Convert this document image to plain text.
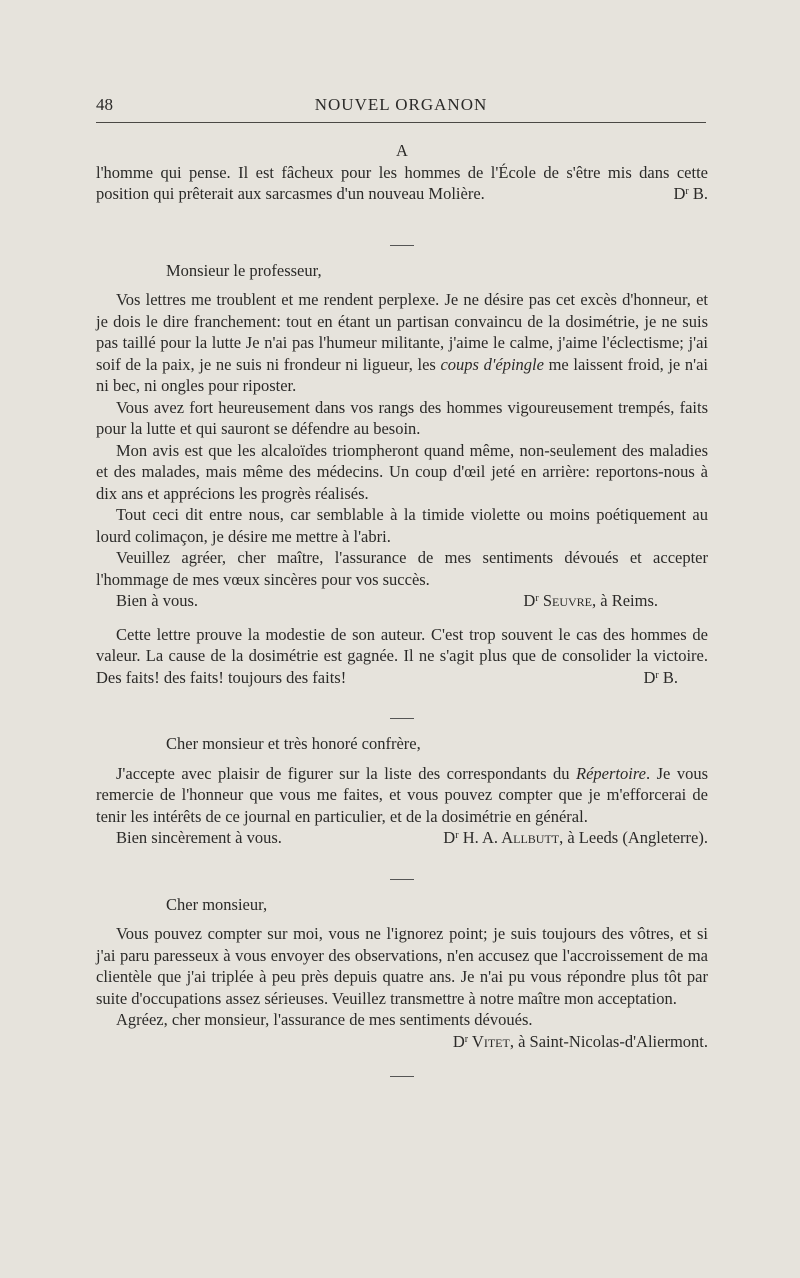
48	NOUVEL ORGANON

A

l'homme qui pense. Il est fâcheux pour les hommes de l'École de s'être mis dans cette position qui prêterait aux sarcasmes d'un nouveau Molière.	$D^r$ B.

Monsieur le professeur,

Vos lettres me troublent et me rendent perplexe. Je ne désire pas cet excès d'honneur, et je dois le dire franchement: tout en étant un partisan convaincu de la dosimétrie, je ne suis pas taillé pour la lutte Je n'ai pas l'humeur militante, j'aime le calme, j'aime l'éclectisme; j'ai soif de la paix, je ne suis ni frondeur ni ligueur, les coups d'épingle me laissent froid, je n'ai ni bec, ni ongles pour riposter.

Vous avez fort heureusement dans vos rangs des hommes vigoureusement trempés, faits pour la lutte et qui sauront se défendre au besoin.

Mon avis est que les alcaloïdes triompheront quand même, non-seulement des maladies et des malades, mais même des médecins. Un coup d'œil jeté en arrière: reportons-nous à dix ans et apprécions les progrès réalisés.

Tout ceci dit entre nous, car semblable à la timide violette ou moins poétiquement au lourd colimaçon, je désire me mettre à l'abri.

Veuillez agréer, cher maître, l'assurance de mes sentiments dévoués et accepter l'hommage de mes vœux sincères pour vos succès.

Bien à vous.	$D^r$ Seuvre, à Reims.

Cette lettre prouve la modestie de son auteur. C'est trop souvent le cas des hommes de valeur. La cause de la dosimétrie est gagnée. Il ne s'agit plus que de consolider la victoire. Des faits! des faits! toujours des faits!	$D^r$ B.

Cher monsieur et très honoré confrère,

J'accepte avec plaisir de figurer sur la liste des correspondants du Répertoire. Je vous remercie de l'honneur que vous me faites, et vous pouvez compter que je m'efforcerai de tenir les intérêts de ce journal en particulier, et de la dosimétrie en général.

Bien sincèrement à vous.	$D^r$ H. A. Allbutt, à Leeds (Angleterre).

Cher monsieur,

Vous pouvez compter sur moi, vous ne l'ignorez point; je suis toujours des vôtres, et si j'ai paru paresseux à vous envoyer des observations, n'en accusez que l'accroissement de ma clientèle que j'ai triplée à peu près depuis quatre ans. Je n'ai pu vous répondre plus tôt par suite d'occupations assez sérieuses. Veuillez transmettre à notre maître mon acceptation.

Agréez, cher monsieur, l'assurance de mes sentiments dévoués.

$D^r$ Vitet, à Saint-Nicolas-d'Aliermont.
